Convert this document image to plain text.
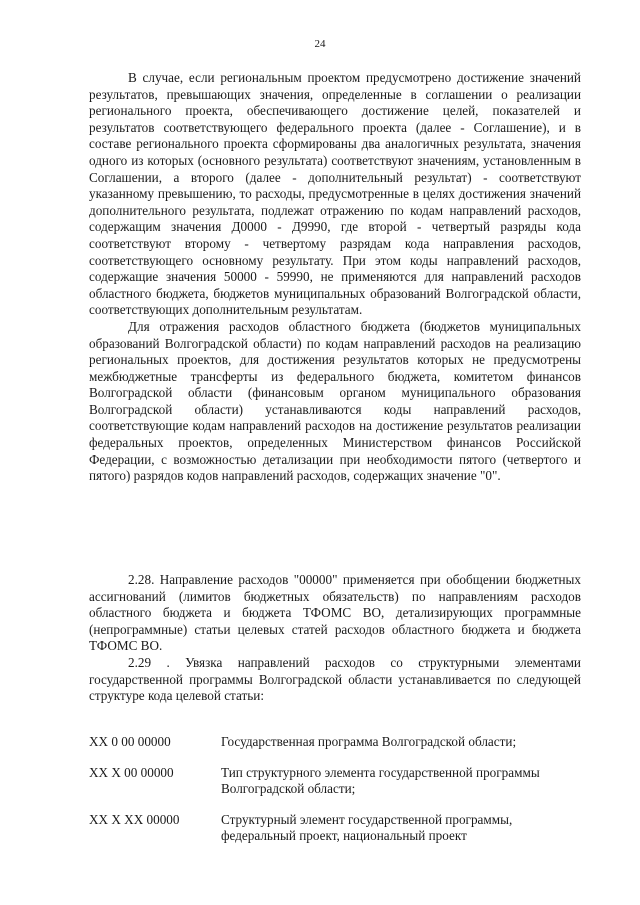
24

В случае, если региональным проектом предусмотрено достижение значений результатов, превышающих значения, определенные в соглашении о реализации регионального проекта, обеспечивающего достижение целей, показателей и результатов соответствующего федерального проекта (далее - Соглашение), и в составе регионального проекта сформированы два аналогичных результата, значения одного из которых (основного результата) соответствуют значениям, установленным в Соглашении, а второго (далее - дополнительный результат) - соответствуют указанному превышению, то расходы, предусмотренные в целях достижения значений дополнительного результата, подлежат отражению по кодам направлений расходов, содержащим значения Д0000 - Д9990, где второй - четвертый разряды кода соответствуют второму - четвертому разрядам кода направления расходов, соответствующего основному результату. При этом коды направлений расходов, содержащие значения 50000 - 59990, не применяются для направлений расходов областного бюджета, бюджетов муниципальных образований Волгоградской области, соответствующих дополнительным результатам.

Для отражения расходов областного бюджета (бюджетов муниципальных образований Волгоградской области) по кодам направлений расходов на реализацию региональных проектов, для достижения результатов которых не предусмотрены межбюджетные трансферты из федерального бюджета, комитетом финансов Волгоградской области (финансовым органом муниципального образования Волгоградской области) устанавливаются коды направлений расходов, соответствующие кодам направлений расходов на достижение результатов реализации федеральных проектов, определенных Министерством финансов Российской Федерации, с возможностью детализации при необходимости пятого (четвертого и пятого) разрядов кодов направлений расходов, содержащих значение "0".

2.28. Направление расходов "00000" применяется при обобщении бюджетных ассигнований (лимитов бюджетных обязательств) по направлениям расходов областного бюджета и бюджета ТФОМС ВО, детализирующих программные (непрограммные) статьи целевых статей расходов областного бюджета и бюджета ТФОМС ВО.

2.29 . Увязка направлений расходов со структурными элементами государственной программы Волгоградской области устанавливается по следующей структуре кода целевой статьи:

XX 0 00 00000	Государственная программа Волгоградской области;
XX X 00 00000	Тип структурного элемента государственной программы Волгоградской области;
XX X XX 00000	Структурный элемент государственной программы, федеральный проект, национальный проект
